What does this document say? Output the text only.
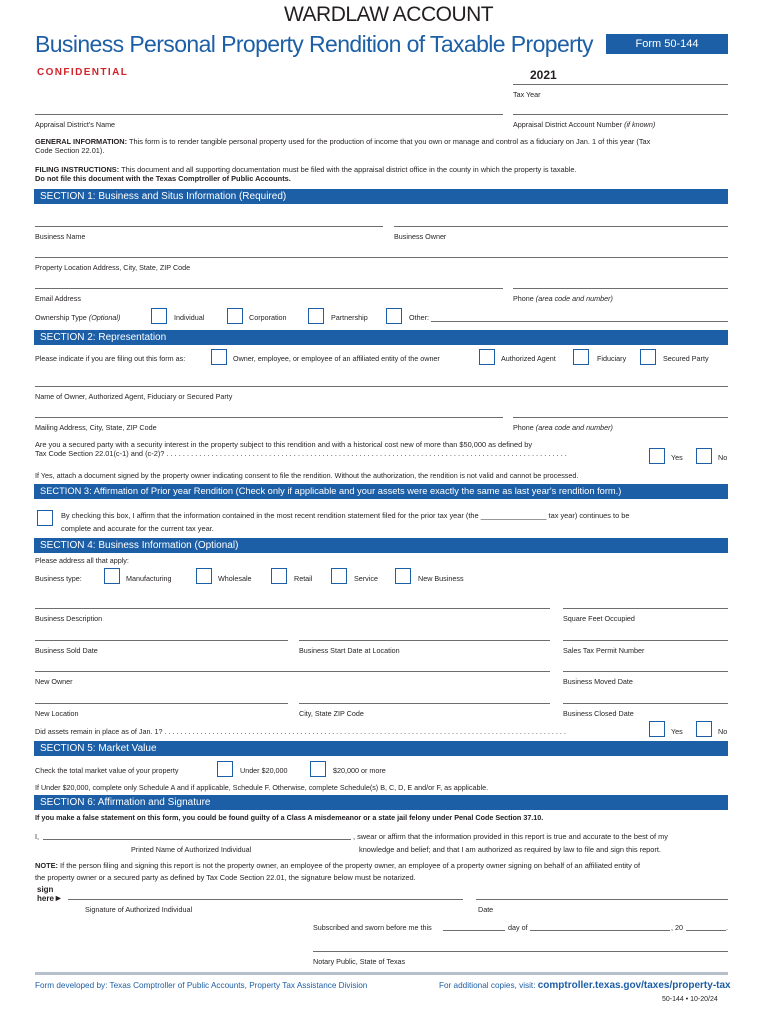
WARDLAW ACCOUNT
Business Personal Property Rendition of Taxable Property	Form 50-144
CONFIDENTIAL	2021
Tax Year
Appraisal District's Name	Appraisal District Account Number (if known)
GENERAL INFORMATION: This form is to render tangible personal property used for the production of income that you own or manage and control as a fiduciary on Jan. 1 of this year (Tax
Code Section 22.01).
FILING INSTRUCTIONS: This document and all supporting documentation must be filed with the appraisal district office in the county in which the property is taxable.
Do not file this document with the Texas Comptroller of Public Accounts.
SECTION 1: Business and Situs Information (Required)
Business Name	Business Owner
Property Location Address, City, State, ZIP Code
Email Address	Phone (area code and number)
Ownership Type (Optional)	Individual	Corporation	Partnership	Other:
SECTION 2: Representation
Please indicate if you are filing out this form as:	Owner, employee, or employee of an affiliated entity of the owner	Authorized Agent	Fiduciary	Secured Party
Name of Owner, Authorized Agent, Fiduciary or Secured Party
Mailing Address, City, State, ZIP Code	Phone (area code and number)
Are you a secured party with a security interest in the property subject to this rendition and with a historical cost new of more than $50,000 as defined by
Tax Code Section 22.01(c-1) and (c-2)? . . . . . . . . . . . . . . . . . . . . . . . . . . . . . . . . . . . . . . . . . . . . . . . . . . . . . . . . . . . . . . . . . . . . . . . . . . . . . . . . . . . . . . . . . . . . . . . . . .	Yes	No
If Yes, attach a document signed by the property owner indicating consent to file the rendition. Without the authorization, the rendition is not valid and cannot be processed.
SECTION 3: Affirmation of Prior year Rendition (Check only if applicable and your assets were exactly the same as last year's rendition form.)
By checking this box, I affirm that the information contained in the most recent rendition statement filed for the prior tax year (the ________________ tax year) continues to be
complete and accurate for the current tax year.
SECTION 4: Business Information (Optional)
Please address all that apply:
Business type:	Manufacturing	Wholesale	Retail	Service	New Business
Business Description	Square Feet Occupied
Business Sold Date	Business Start Date at Location	Sales Tax Permit Number
New Owner	Business Moved Date
New Location	City, State ZIP Code	Business Closed Date
Did assets remain in place as of Jan. 1? . . . . . . . . . . . . . . . . . . . . . . . . . . . . . . . . . . . . . . . . . . . . . . . . . . . . . . . . . . . . . . . . . . . . . . . . . . . . . . . . . . . . . . . . . . . . . . . . . . . . .	Yes	No
SECTION 5: Market Value
Check the total market value of your property	Under $20,000	$20,000 or more
If Under $20,000, complete only Schedule A and if applicable, Schedule F. Otherwise, complete Schedule(s) B, C, D, E and/or F, as applicable.
SECTION 6: Affirmation and Signature
If you make a false statement on this form, you could be found guilty of a Class A misdemeanor or a state jail felony under Penal Code Section 37.10.
I,
Printed Name of Authorized Individual
, swear or affirm that the information provided in this report is true and accurate to the best of my
knowledge and belief; and that I am authorized as required by law to file and sign this report.
NOTE: If the person filing and signing this report is not the property owner, an employee of the property owner, an employee of a property owner signing on behalf of an affiliated entity of
the property owner or a secured party as defined by Tax Code Section 22.01, the signature below must be notarized.
sign here►
Signature of Authorized Individual	Date
Subscribed and sworn before me this	day of	, 20	.
Notary Public, State of Texas
Form developed by: Texas Comptroller of Public Accounts, Property Tax Assistance Division	For additional copies, visit: comptroller.texas.gov/taxes/property-tax
50-144 • 10-20/24
